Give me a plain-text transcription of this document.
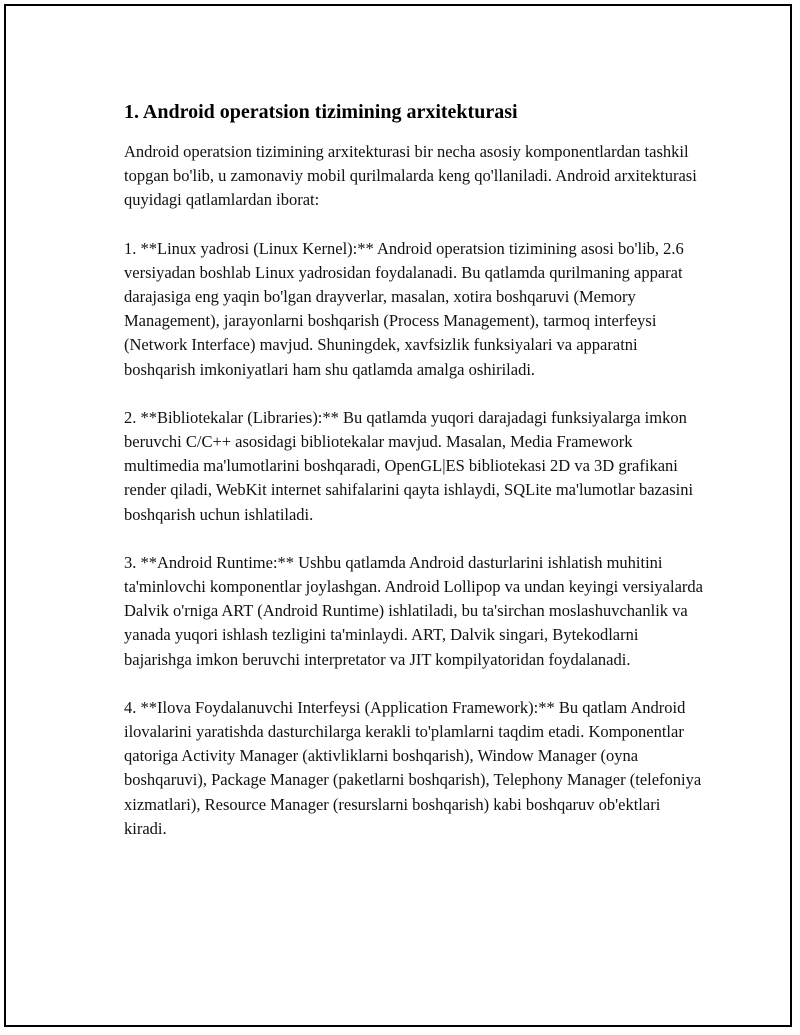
1. Android operatsion tizimining arxitekturasi

Android operatsion tizimining arxitekturasi bir necha asosiy komponentlardan tashkil topgan bo'lib, u zamonaviy mobil qurilmalarda keng qo'llaniladi. Android arxitekturasi quyidagi qatlamlardan iborat:

1. **Linux yadrosi (Linux Kernel):** Android operatsion tizimining asosi bo'lib, 2.6 versiyadan boshlab Linux yadrosidan foydalanadi. Bu qatlamda qurilmaning apparat darajasiga eng yaqin bo'lgan drayverlar, masalan, xotira boshqaruvi (Memory Management), jarayonlarni boshqarish (Process Management), tarmoq interfeysi (Network Interface) mavjud. Shuningdek, xavfsizlik funksiyalari va apparatni boshqarish imkoniyatlari ham shu qatlamda amalga oshiriladi.

2. **Bibliotekalar (Libraries):** Bu qatlamda yuqori darajadagi funksiyalarga imkon beruvchi C/C++ asosidagi bibliotekalar mavjud. Masalan, Media Framework multimedia ma'lumotlarini boshqaradi, OpenGL|ES bibliotekasi 2D va 3D grafikani render qiladi, WebKit internet sahifalarini qayta ishlaydi, SQLite ma'lumotlar bazasini boshqarish uchun ishlatiladi.

3. **Android Runtime:** Ushbu qatlamda Android dasturlarini ishlatish muhitini ta'minlovchi komponentlar joylashgan. Android Lollipop va undan keyingi versiyalarda Dalvik o'rniga ART (Android Runtime) ishlatiladi, bu ta'sirchan moslashuvchanlik va yanada yuqori ishlash tezligini ta'minlaydi. ART, Dalvik singari, Bytekodlarni bajarishga imkon beruvchi interpretator va JIT kompilyatoridan foydalanadi.

4. **Ilova Foydalanuvchi Interfeysi (Application Framework):** Bu qatlam Android ilovalarini yaratishda dasturchilarga kerakli to'plamlarni taqdim etadi. Komponentlar qatoriga Activity Manager (aktivliklarni boshqarish), Window Manager (oyna boshqaruvi), Package Manager (paketlarni boshqarish), Telephony Manager (telefoniya xizmatlari), Resource Manager (resurslarni boshqarish) kabi boshqaruv ob'ektlari kiradi.
